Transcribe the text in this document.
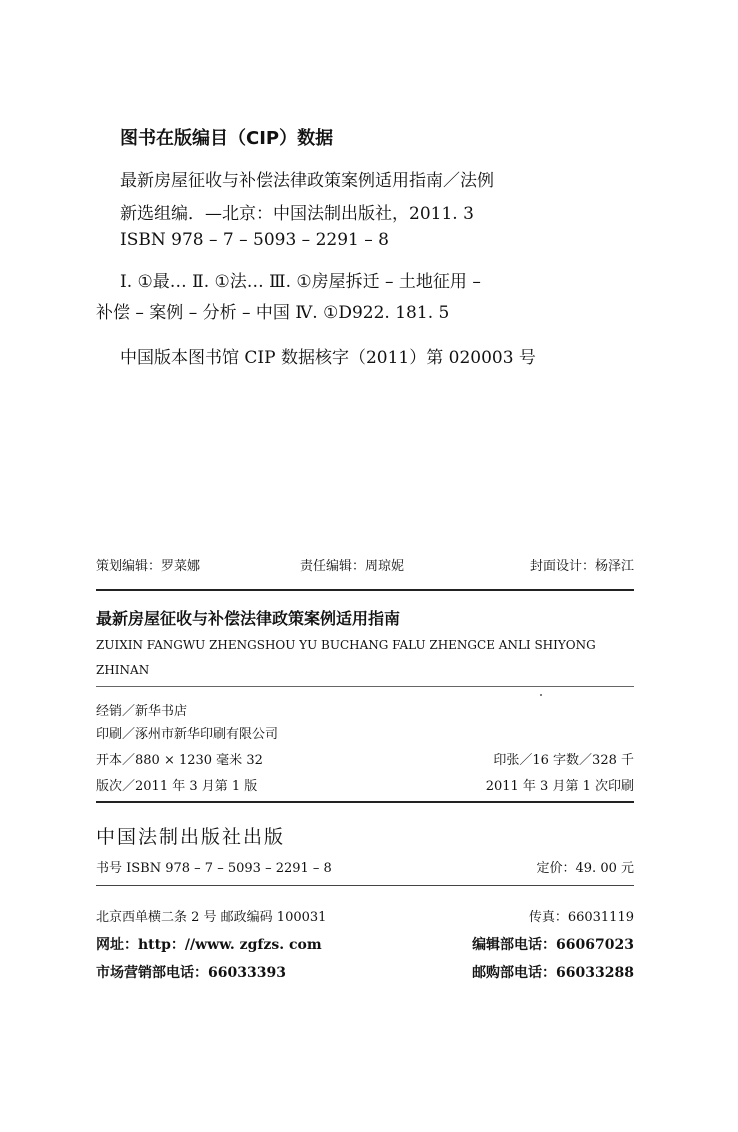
图书在版编目（CIP）数据
最新房屋征收与补偿法律政策案例适用指南／法例
新选组编．—北京：中国法制出版社，2011. 3
ISBN 978 – 7 – 5093 – 2291 – 8
Ⅰ. ①最… Ⅱ. ①法… Ⅲ. ①房屋拆迁 – 土地征用 –
补偿 – 案例 – 分析 – 中国 Ⅳ. ①D922. 181. 5
中国版本图书馆 CIP 数据核字（2011）第 020003 号
策划编辑：罗菜娜	责任编辑：周琼妮	封面设计：杨泽江
最新房屋征收与补偿法律政策案例适用指南
ZUIXIN FANGWU ZHENGSHOU YU BUCHANG FALU ZHENGCE ANLI SHIYONG
ZHINAN
经销／新华书店
印刷／涿州市新华印刷有限公司
开本／880 × 1230 毫米 32	印张／16 字数／328 千
版次／2011 年 3 月第 1 版	2011 年 3 月第 1 次印刷
中国法制出版社出版
书号 ISBN 978 – 7 – 5093 – 2291 – 8	定价：49. 00 元
北京西单横二条 2 号 邮政编码 100031	传真：66031119
网址：http：//www. zgfzs. com	编辑部电话：66067023
市场营销部电话：66033393	邮购部电话：66033288
